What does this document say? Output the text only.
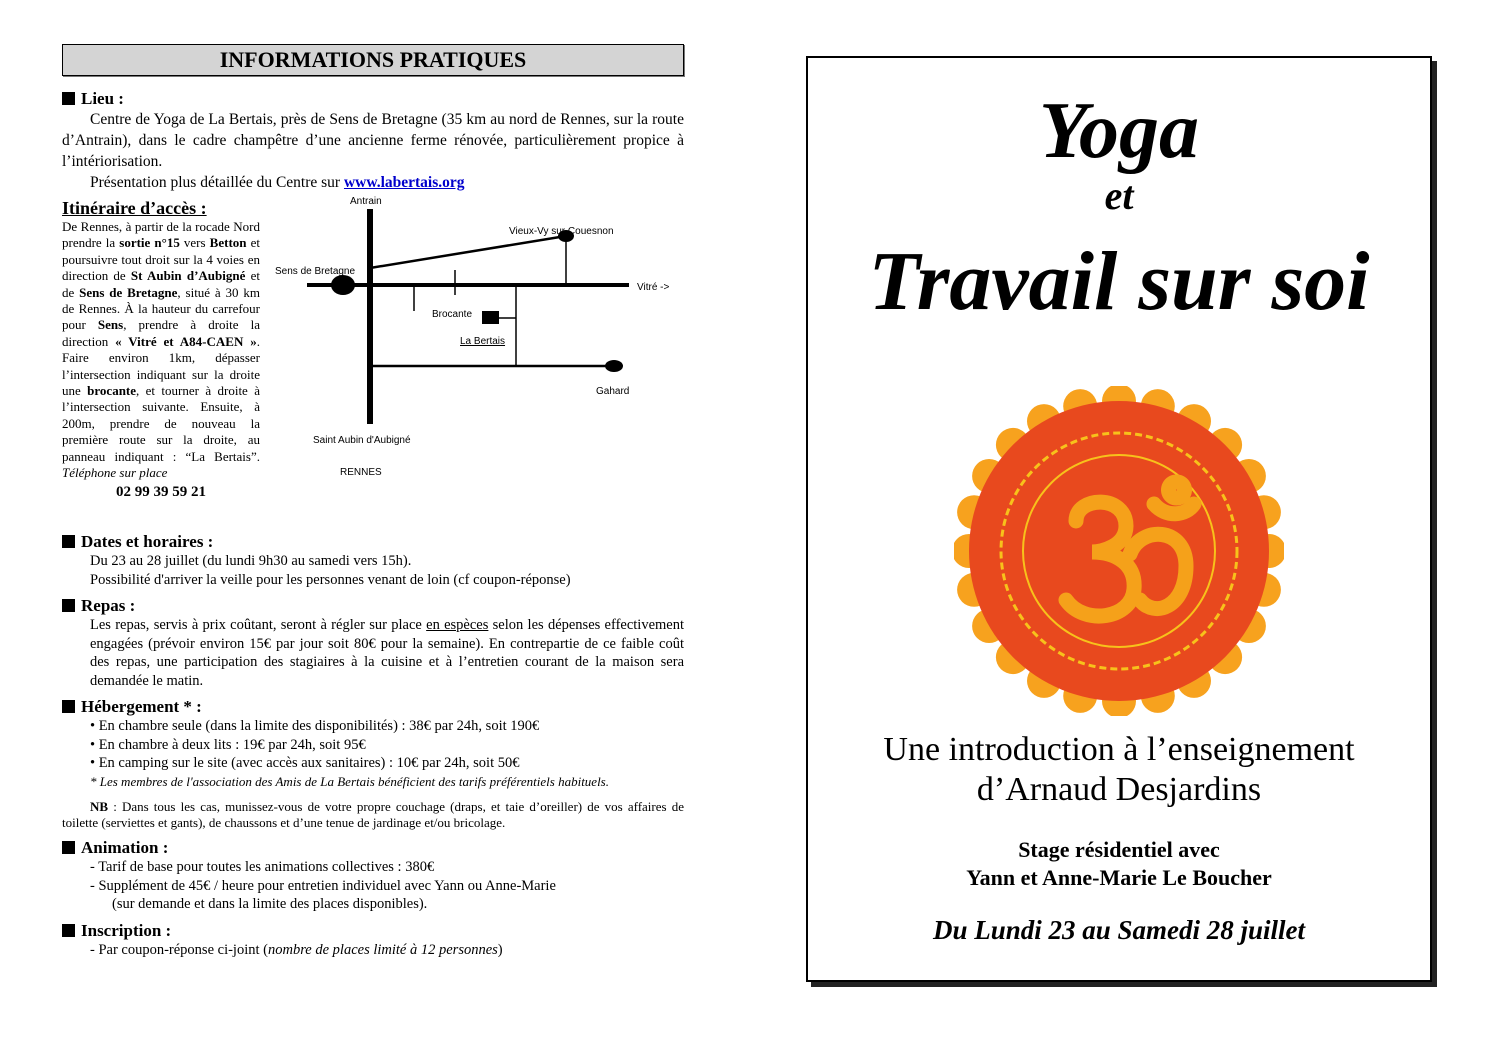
INFORMATIONS PRATIQUES
Lieu :

Centre de Yoga de La Bertais, près de Sens de Bretagne (35 km au nord de Rennes, sur la route d’Antrain), dans le cadre champêtre d’une ancienne ferme rénovée, particulièrement propice à l’intériorisation.

Présentation plus détaillée du Centre sur www.labertais.org

Itinéraire d’accès :
De Rennes, à partir de la rocade Nord prendre la sortie n°15 vers Betton et poursuivre tout droit sur la 4 voies en direction de St Aubin d’Aubigné et de Sens de Bretagne, situé à 30 km de Rennes. À la hauteur du carrefour pour Sens, prendre à droite la direction « Vitré et A84-CAEN ». Faire environ 1km, dépasser l’intersection indiquant sur la droite une brocante, et tourner à droite à l’intersection suivante. Ensuite, à 200m, prendre de nouveau la première route sur la droite, au panneau indiquant : “La Bertais”. Téléphone sur place
02 99 39 59 21
Antrain
Vieux-Vy sur Couesnon
Sens de Bretagne
Vitré ->
Brocante
La Bertais
Gahard
Saint Aubin d'Aubigné
RENNES
Dates et horaires :

Du 23 au 28 juillet (du lundi 9h30 au samedi vers 15h).

Possibilité d'arriver la veille pour les personnes venant de loin (cf coupon-réponse)

Repas :
Les repas, servis à prix coûtant, seront à régler sur place en espèces selon les dépenses effectivement engagées (prévoir environ 15€ par jour soit 80€ pour la semaine). En contrepartie de ce faible coût des repas, une participation des stagiaires à la cuisine et à l’entretien courant de la maison sera demandée le matin.
Hébergement * :

• En chambre seule (dans la limite des disponibilités) : 38€ par 24h, soit 190€

• En chambre à deux lits : 19€ par 24h, soit 95€

• En camping sur le site (avec accès aux sanitaires) : 10€ par 24h, soit 50€

* Les membres de l'association des Amis de La Bertais bénéficient des tarifs préférentiels habituels.

NB : Dans tous les cas, munissez-vous de votre propre couchage (draps, et taie d’oreiller) de vos affaires de toilette (serviettes et gants), de chaussons et d’une tenue de jardinage et/ou bricolage.

Animation :

- Tarif de base pour toutes les animations collectives : 380€

- Supplément de 45€ / heure pour entretien individuel avec Yann ou Anne-Marie

(sur demande et dans la limite des places disponibles).

Inscription :
- Par coupon-réponse ci-joint (nombre de places limité à 12 personnes)
Yoga
et
Travail sur soi
Une introduction à l’enseignement
d’Arnaud Desjardins
Stage résidentiel avec
Yann et Anne-Marie Le Boucher
Du Lundi 23 au Samedi 28 juillet
